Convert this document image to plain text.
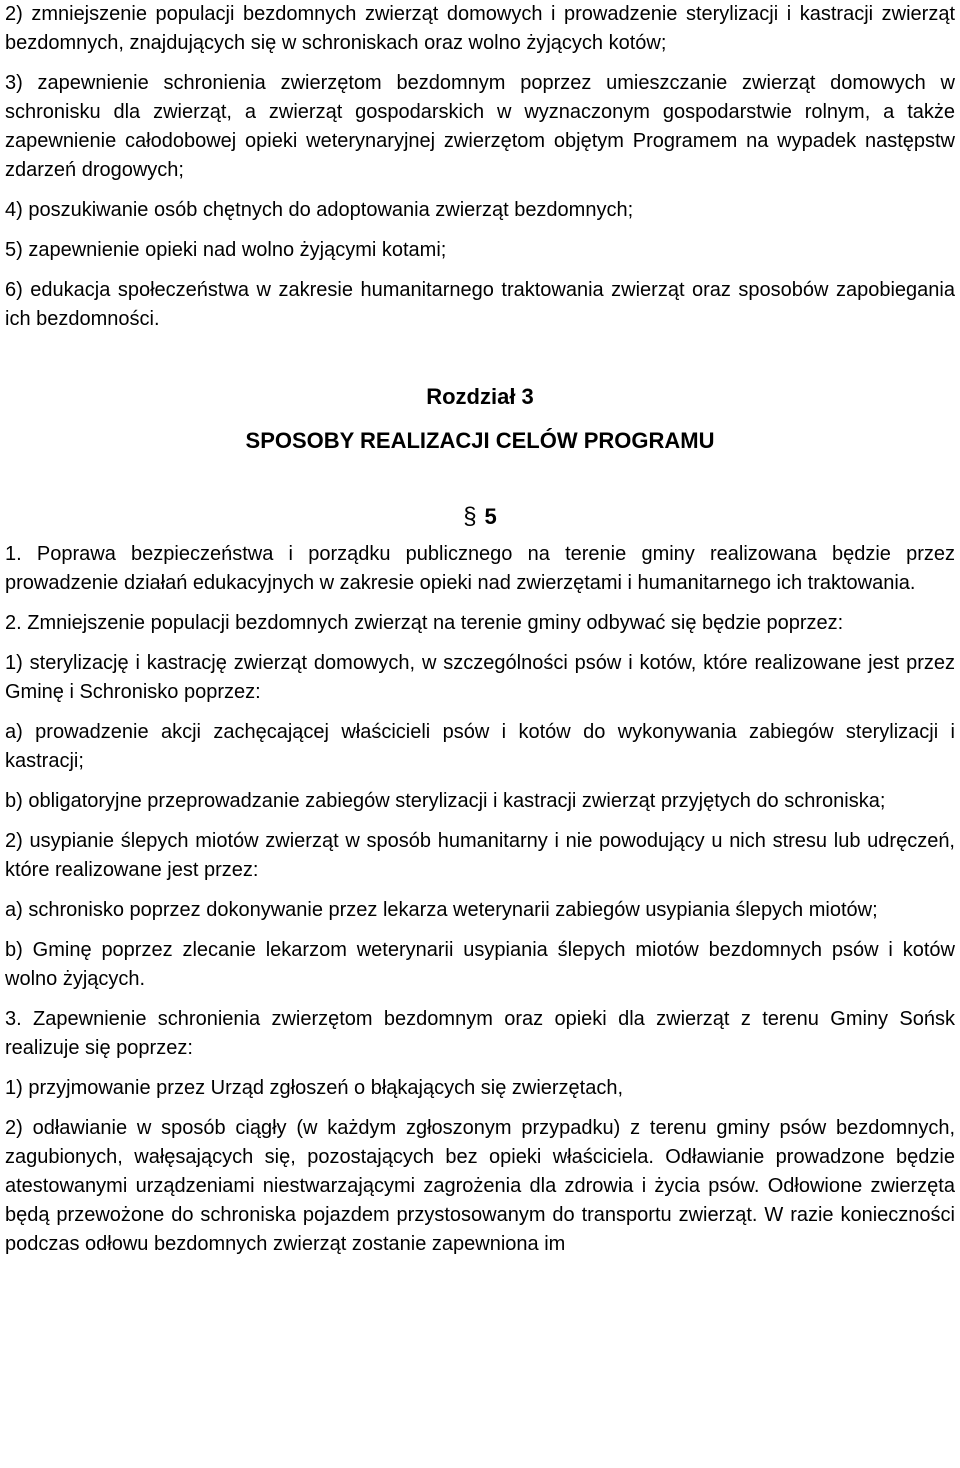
2) zmniejszenie populacji bezdomnych zwierząt domowych i prowadzenie sterylizacji i kastracji zwierząt bezdomnych, znajdujących się w schroniskach oraz wolno żyjących kotów;

3) zapewnienie schronienia zwierzętom bezdomnym poprzez umieszczanie zwierząt domowych w schronisku dla zwierząt, a zwierząt gospodarskich w wyznaczonym gospodarstwie rolnym, a także zapewnienie całodobowej opieki weterynaryjnej zwierzętom objętym Programem na wypadek następstw zdarzeń drogowych;

4) poszukiwanie osób chętnych do adoptowania zwierząt bezdomnych;

5) zapewnienie opieki nad wolno żyjącymi kotami;

6) edukacja społeczeństwa w zakresie humanitarnego traktowania zwierząt oraz sposobów zapobiegania ich bezdomności.

Rozdział 3
SPOSOBY REALIZACJI CELÓW PROGRAMU
§ 5

1. Poprawa bezpieczeństwa i porządku publicznego na terenie gminy realizowana będzie przez prowadzenie działań edukacyjnych w zakresie opieki nad zwierzętami i humanitarnego ich traktowania.

2. Zmniejszenie populacji bezdomnych zwierząt na terenie gminy odbywać się będzie poprzez:

1) sterylizację i kastrację zwierząt domowych, w szczególności psów i kotów, które realizowane jest przez Gminę i Schronisko poprzez:

a) prowadzenie akcji zachęcającej właścicieli psów i kotów do wykonywania zabiegów sterylizacji i kastracji;

b) obligatoryjne przeprowadzanie zabiegów sterylizacji i kastracji zwierząt przyjętych do schroniska;

2) usypianie ślepych miotów zwierząt w sposób humanitarny i nie powodujący u nich stresu lub udręczeń, które realizowane jest przez:

a) schronisko poprzez dokonywanie przez lekarza weterynarii zabiegów usypiania ślepych miotów;

b) Gminę poprzez zlecanie lekarzom weterynarii usypiania ślepych miotów bezdomnych psów i kotów wolno żyjących.

3. Zapewnienie schronienia zwierzętom bezdomnym oraz opieki dla zwierząt z terenu Gminy Sońsk realizuje się poprzez:

1) przyjmowanie przez Urząd zgłoszeń o błąkających się zwierzętach,

2) odławianie w sposób ciągły (w każdym zgłoszonym przypadku) z terenu gminy psów bezdomnych, zagubionych, wałęsających się, pozostających bez opieki właściciela. Odławianie prowadzone będzie atestowanymi urządzeniami niestwarzającymi zagrożenia dla zdrowia i życia psów. Odłowione zwierzęta będą przewożone do schroniska pojazdem przystosowanym do transportu zwierząt. W razie konieczności podczas odłowu bezdomnych zwierząt zostanie zapewniona im
